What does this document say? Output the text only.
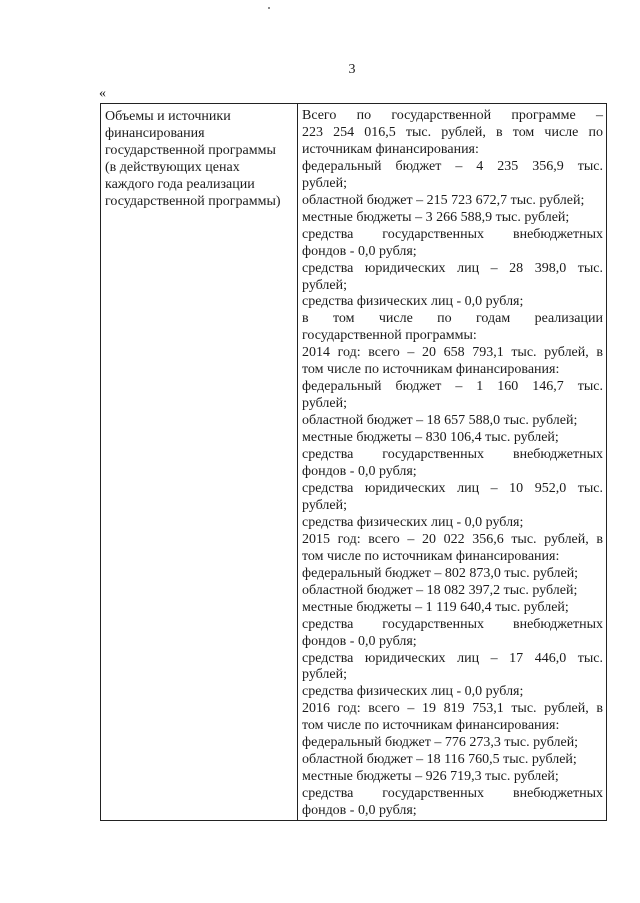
3
«
Объемы и источники
финансирования
государственной программы
(в действующих ценах
каждого года реализации
государственной программы)
Всего по государственной программе –
223 254 016,5 тыс. рублей, в том числе по
источникам финансирования:
федеральный бюджет – 4 235 356,9 тыс.
рублей;
областной бюджет – 215 723 672,7 тыс. рублей;
местные бюджеты – 3 266 588,9 тыс. рублей;
средства государственных внебюджетных
фондов - 0,0 рубля;
средства юридических лиц – 28 398,0 тыс.
рублей;
средства физических лиц - 0,0 рубля;
в том числе по годам реализации
государственной программы:
2014 год: всего – 20 658 793,1 тыс. рублей, в
том числе по источникам финансирования:
федеральный бюджет – 1 160 146,7 тыс.
рублей;
областной бюджет – 18 657 588,0 тыс. рублей;
местные бюджеты – 830 106,4 тыс. рублей;
средства государственных внебюджетных
фондов - 0,0 рубля;
средства юридических лиц – 10 952,0 тыс.
рублей;
средства физических лиц - 0,0 рубля;
2015 год: всего – 20 022 356,6 тыс. рублей, в
том числе по источникам финансирования:
федеральный бюджет – 802 873,0 тыс. рублей;
областной бюджет – 18 082 397,2 тыс. рублей;
местные бюджеты – 1 119 640,4 тыс. рублей;
средства государственных внебюджетных
фондов - 0,0 рубля;
средства юридических лиц – 17 446,0 тыс.
рублей;
средства физических лиц - 0,0 рубля;
2016 год: всего – 19 819 753,1 тыс. рублей, в
том числе по источникам финансирования:
федеральный бюджет – 776 273,3 тыс. рублей;
областной бюджет – 18 116 760,5 тыс. рублей;
местные бюджеты – 926 719,3 тыс. рублей;
средства государственных внебюджетных
фондов - 0,0 рубля;
